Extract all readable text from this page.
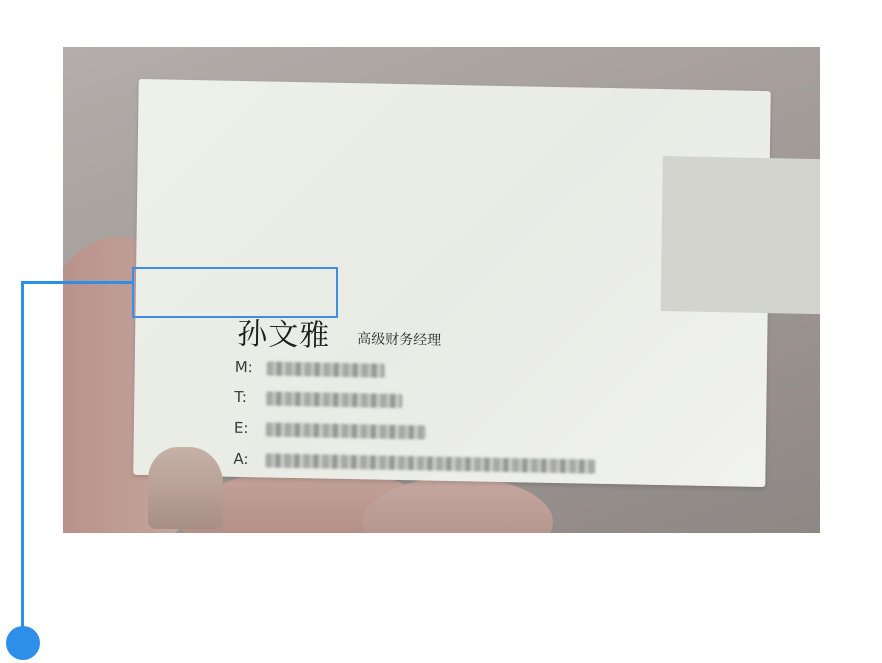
孙文雅 高级财务经理
M:
T:
E:
A:
